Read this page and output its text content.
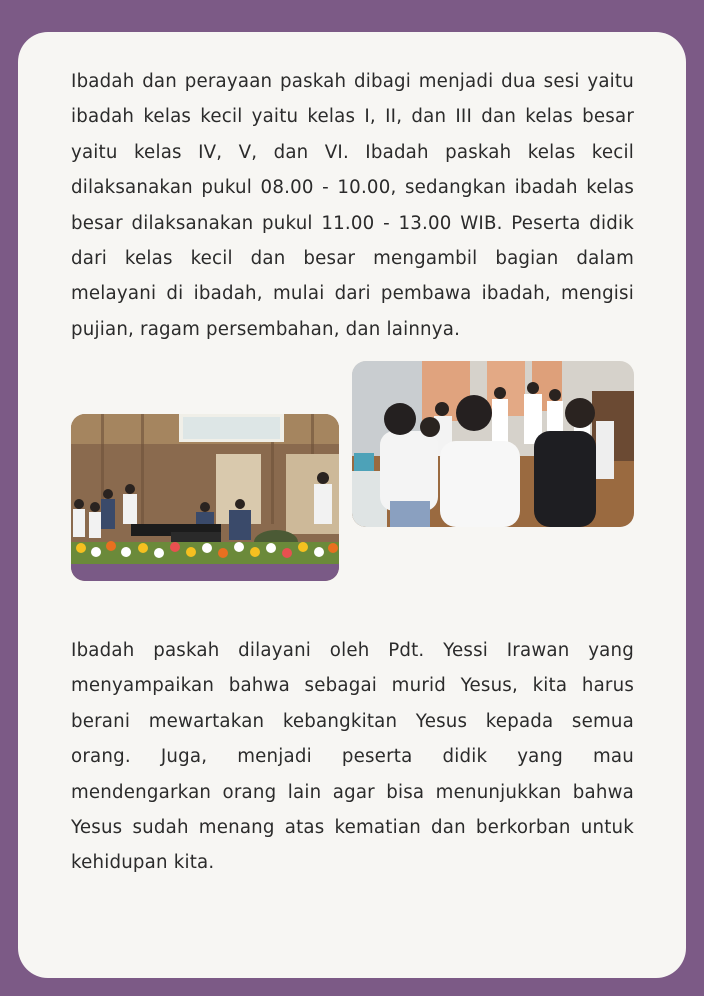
Ibadah dan perayaan paskah dibagi menjadi dua sesi yaitu ibadah kelas kecil yaitu kelas I, II, dan III dan kelas besar yaitu kelas IV, V, dan VI. Ibadah paskah kelas kecil dilaksanakan pukul 08.00 - 10.00, sedangkan ibadah kelas besar dilaksanakan pukul 11.00 - 13.00 WIB. Peserta didik dari kelas kecil dan besar mengambil bagian dalam melayani di ibadah, mulai dari pembawa ibadah, mengisi pujian, ragam persembahan, dan lainnya.

Ibadah paskah dilayani oleh Pdt. Yessi Irawan yang menyampaikan bahwa sebagai murid Yesus, kita harus berani mewartakan kebangkitan Yesus kepada semua orang. Juga, menjadi peserta didik yang mau mendengarkan orang lain agar bisa menunjukkan bahwa Yesus sudah menang atas kematian dan berkorban untuk kehidupan kita.
